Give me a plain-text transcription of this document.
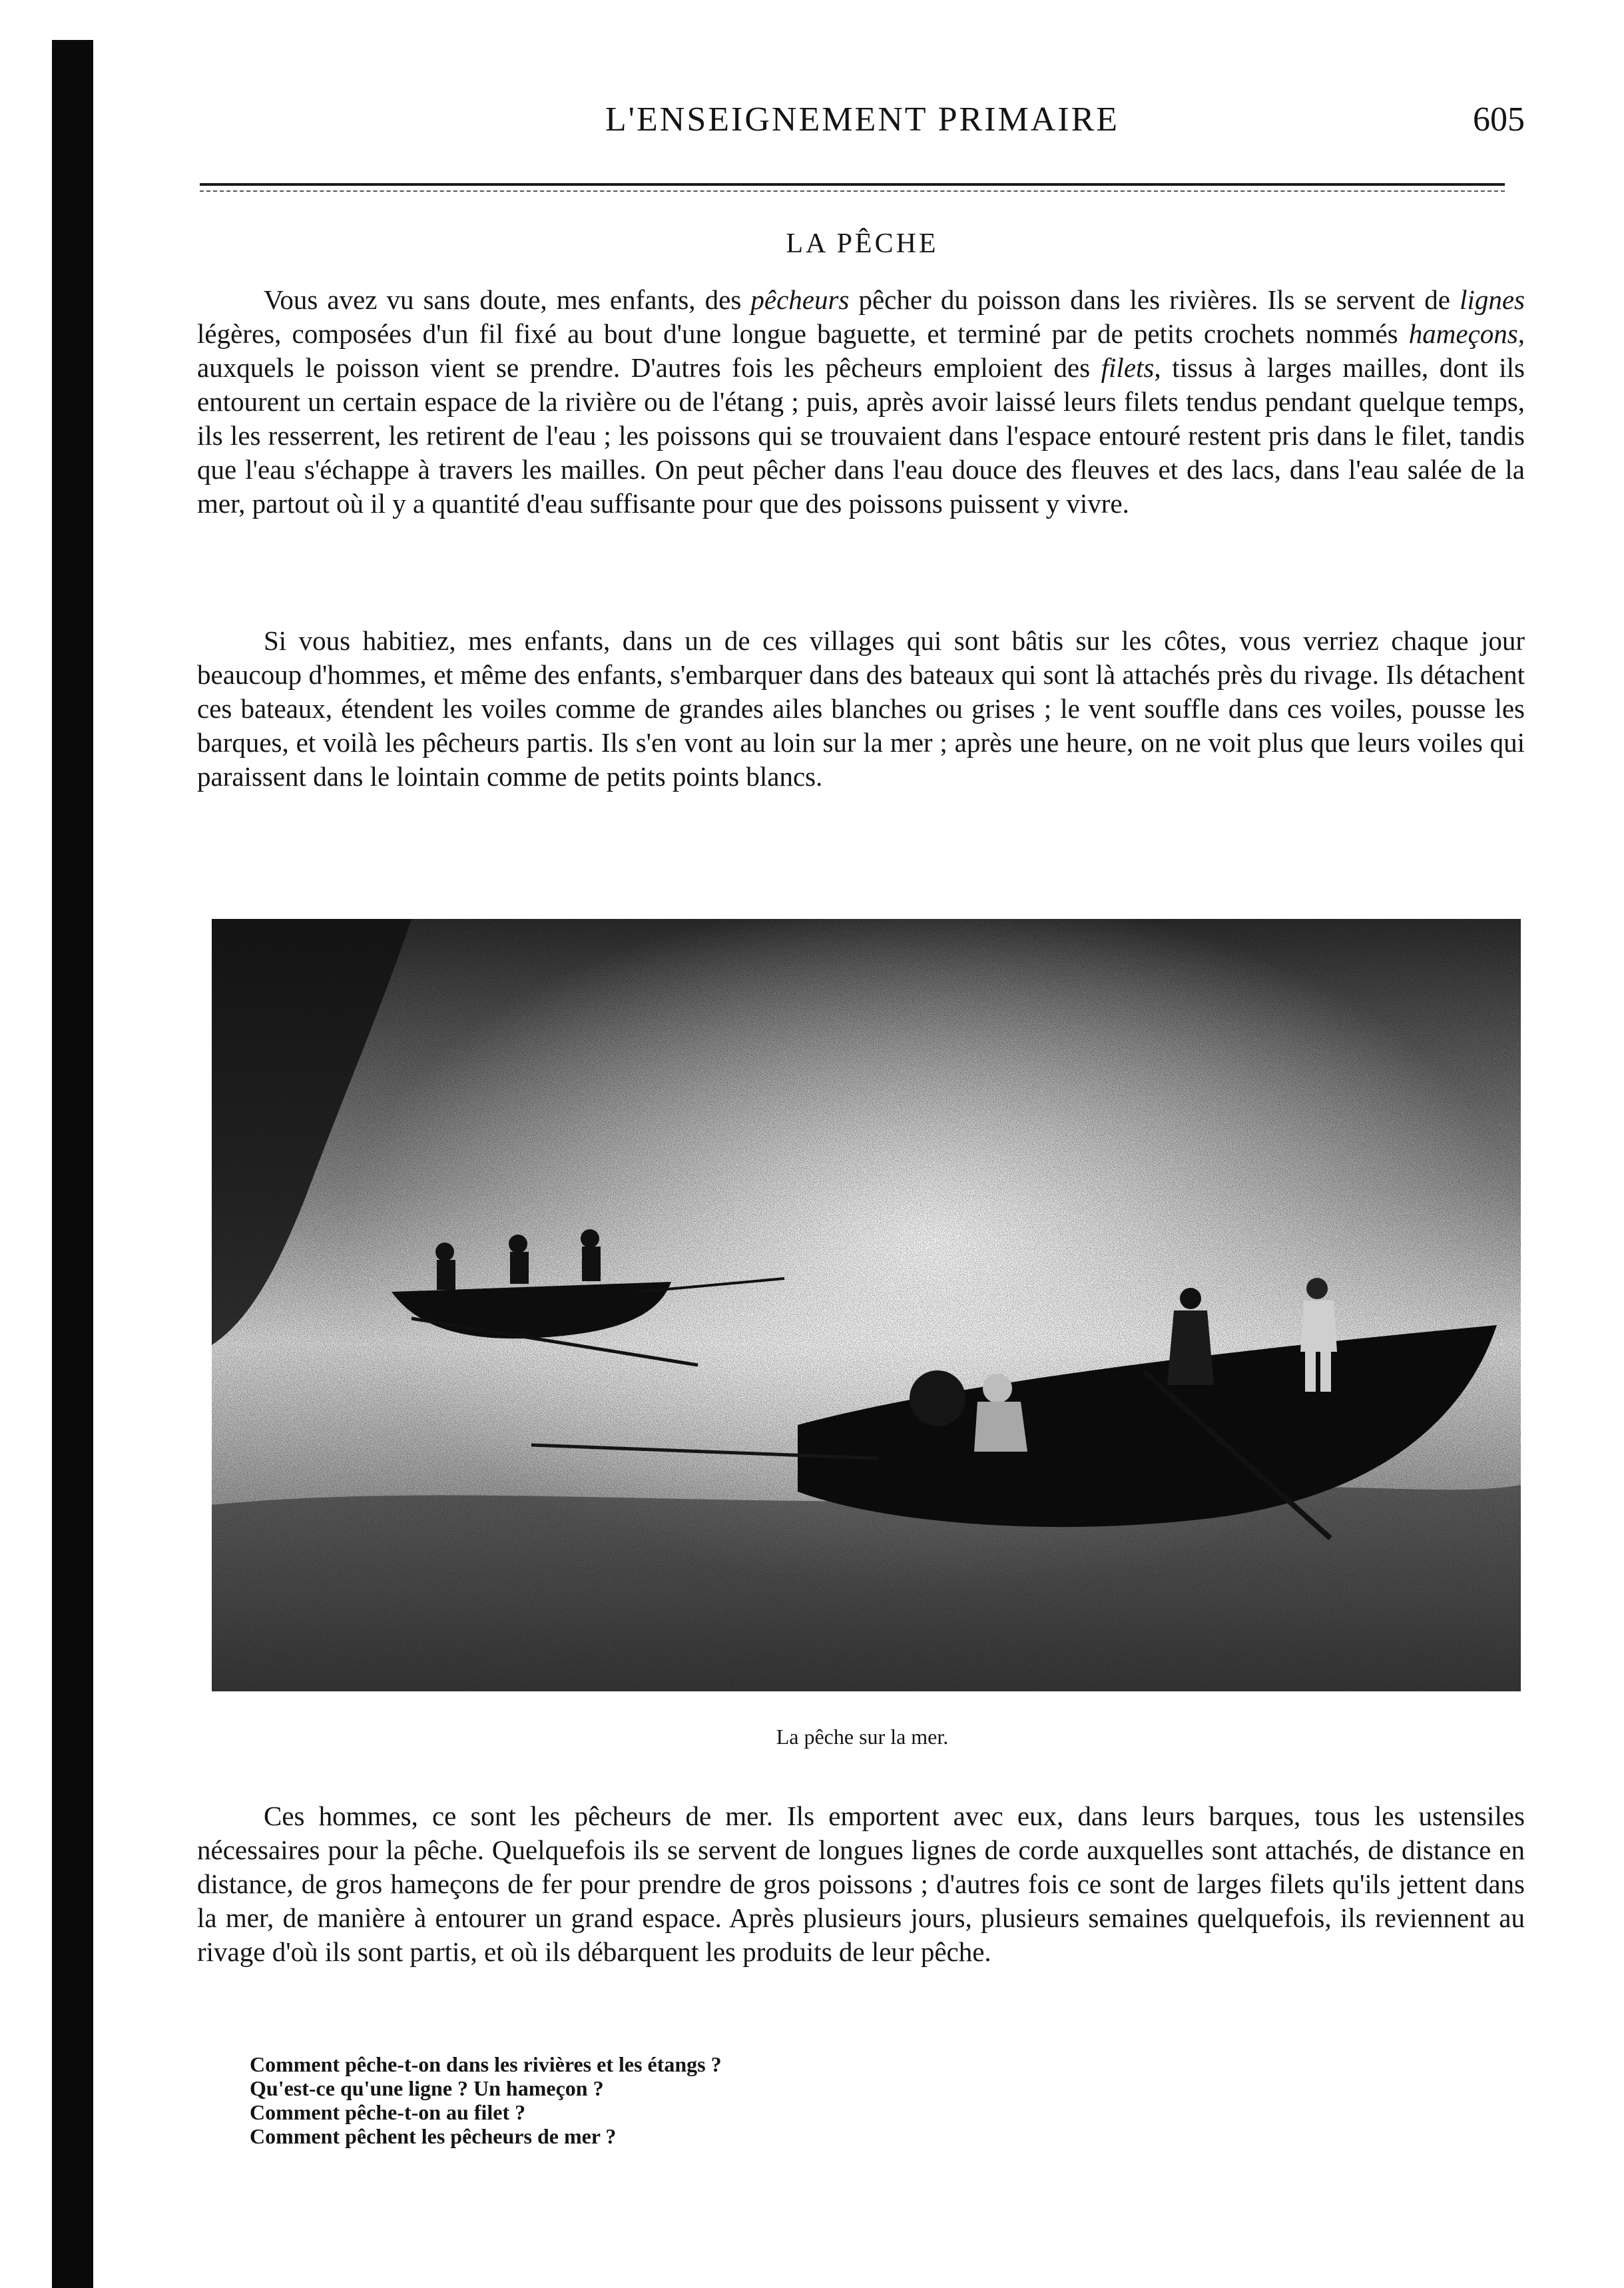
L'ENSEIGNEMENT PRIMAIRE	605
LA PÊCHE

Vous avez vu sans doute, mes enfants, des pêcheurs pêcher du poisson dans les rivières. Ils se servent de lignes légères, composées d'un fil fixé au bout d'une longue baguette, et terminé par de petits crochets nommés hameçons, auxquels le poisson vient se prendre. D'autres fois les pêcheurs emploient des filets, tissus à larges mailles, dont ils entourent un certain espace de la rivière ou de l'étang ; puis, après avoir laissé leurs filets tendus pendant quelque temps, ils les resserrent, les retirent de l'eau ; les poissons qui se trouvaient dans l'espace entouré restent pris dans le filet, tandis que l'eau s'échappe à travers les mailles. On peut pêcher dans l'eau douce des fleuves et des lacs, dans l'eau salée de la mer, partout où il y a quantité d'eau suffisante pour que des poissons puissent y vivre.

Si vous habitiez, mes enfants, dans un de ces villages qui sont bâtis sur les côtes, vous verriez chaque jour beaucoup d'hommes, et même des enfants, s'embarquer dans des bateaux qui sont là attachés près du rivage. Ils détachent ces bateaux, étendent les voiles comme de grandes ailes blanches ou grises ; le vent souffle dans ces voiles, pousse les barques, et voilà les pêcheurs partis. Ils s'en vont au loin sur la mer ; après une heure, on ne voit plus que leurs voiles qui paraissent dans le lointain comme de petits points blancs.

La pêche sur la mer.

Ces hommes, ce sont les pêcheurs de mer. Ils emportent avec eux, dans leurs barques, tous les ustensiles nécessaires pour la pêche. Quelquefois ils se servent de longues lignes de corde auxquelles sont attachés, de distance en distance, de gros hameçons de fer pour prendre de gros poissons ; d'autres fois ce sont de larges filets qu'ils jettent dans la mer, de manière à entourer un grand espace. Après plusieurs jours, plusieurs semaines quelquefois, ils reviennent au rivage d'où ils sont partis, et où ils débarquent les produits de leur pêche.

Comment pêche-t-on dans les rivières et les étangs ?
Qu'est-ce qu'une ligne ? Un hameçon ?
Comment pêche-t-on au filet ?
Comment pêchent les pêcheurs de mer ?
